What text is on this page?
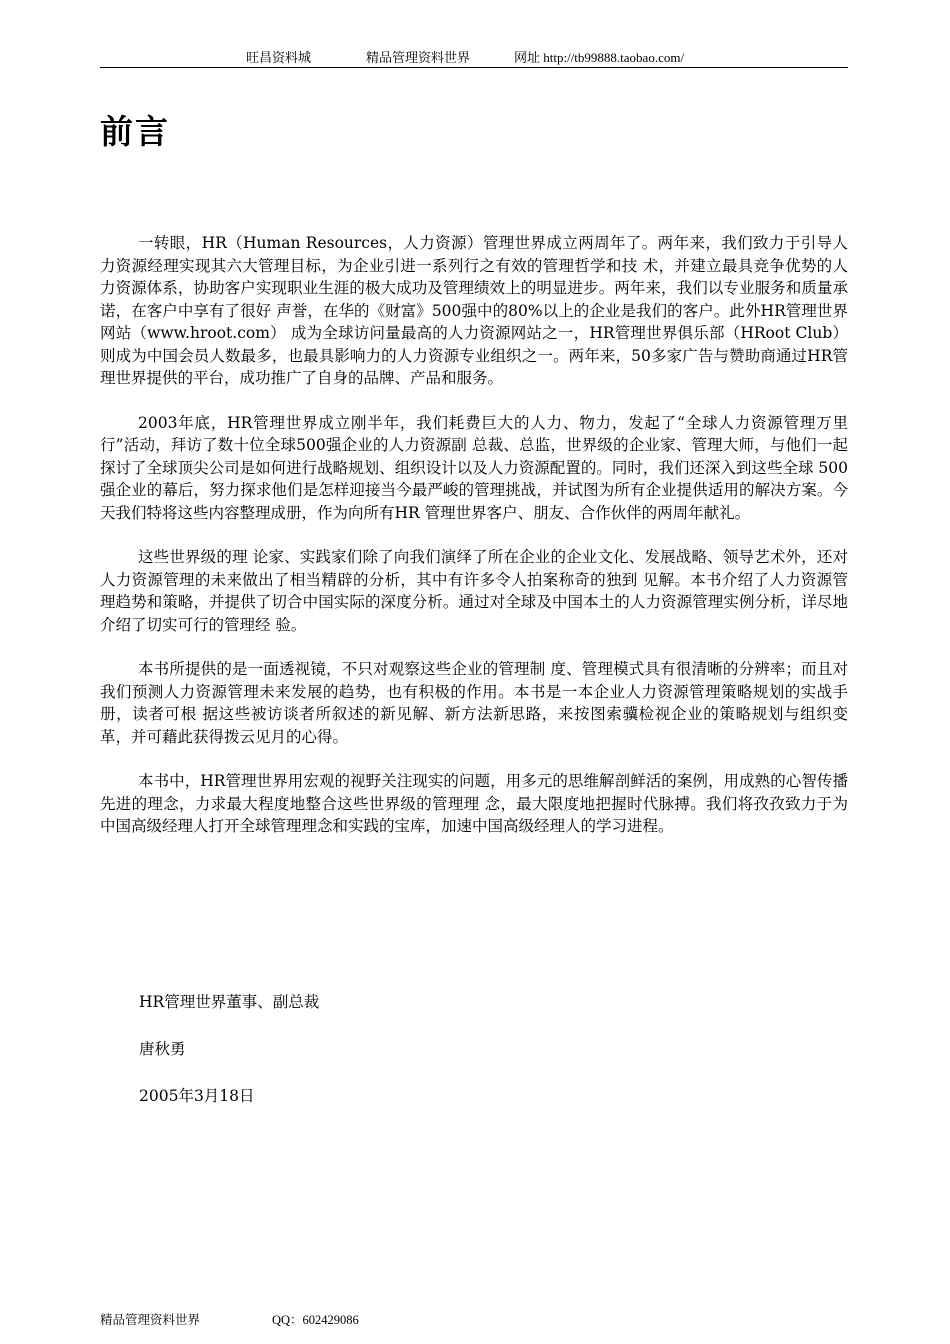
旺昌资料城	精品管理资料世界	网址 http://tb99888.taobao.com/
前言

一转眼，HR（Human Resources，人力资源）管理世界成立两周年了。两年来，我们致力于引导人力资源经理实现其六大管理目标，为企业引进一系列行之有效的管理哲学和技 术，并建立最具竞争优势的人力资源体系，协助客户实现职业生涯的极大成功及管理绩效上的明显进步。两年来，我们以专业服务和质量承诺，在客户中享有了很好 声誉，在华的《财富》500强中的80%以上的企业是我们的客户。此外HR管理世界网站（www.hroot.com） 成为全球访问量最高的人力资源网站之一，HR管理世界俱乐部（HRoot Club）则成为中国会员人数最多，也最具影响力的人力资源专业组织之一。两年来，50多家广告与赞助商通过HR管理世界提供的平台，成功推广了自身的品牌、产品和服务。

2003年底，HR管理世界成立刚半年，我们耗费巨大的人力、物力，发起了“全球人力资源管理万里行”活动，拜访了数十位全球500强企业的人力资源副 总裁、总监，世界级的企业家、管理大师，与他们一起探讨了全球顶尖公司是如何进行战略规划、组织设计以及人力资源配置的。同时，我们还深入到这些全球 500强企业的幕后，努力探求他们是怎样迎接当今最严峻的管理挑战，并试图为所有企业提供适用的解决方案。今天我们特将这些内容整理成册，作为向所有HR 管理世界客户、朋友、合作伙伴的两周年献礼。

这些世界级的理 论家、实践家们除了向我们演绎了所在企业的企业文化、发展战略、领导艺术外，还对人力资源管理的未来做出了相当精辟的分析，其中有许多令人拍案称奇的独到 见解。本书介绍了人力资源管理趋势和策略，并提供了切合中国实际的深度分析。通过对全球及中国本土的人力资源管理实例分析，详尽地介绍了切实可行的管理经 验。

本书所提供的是一面透视镜，不只对观察这些企业的管理制 度、管理模式具有很清晰的分辨率；而且对我们预测人力资源管理未来发展的趋势，也有积极的作用。本书是一本企业人力资源管理策略规划的实战手册，读者可根 据这些被访谈者所叙述的新见解、新方法新思路，来按图索骥检视企业的策略规划与组织变革，并可藉此获得拨云见月的心得。

本书中，HR管理世界用宏观的视野关注现实的问题，用多元的思维解剖鲜活的案例，用成熟的心智传播先进的理念，力求最大程度地整合这些世界级的管理理 念，最大限度地把握时代脉搏。我们将孜孜致力于为中国高级经理人打开全球管理理念和实践的宝库，加速中国高级经理人的学习进程。

HR管理世界董事、副总裁

唐秋勇

2005年3月18日

精品管理资料世界	QQ：602429086
